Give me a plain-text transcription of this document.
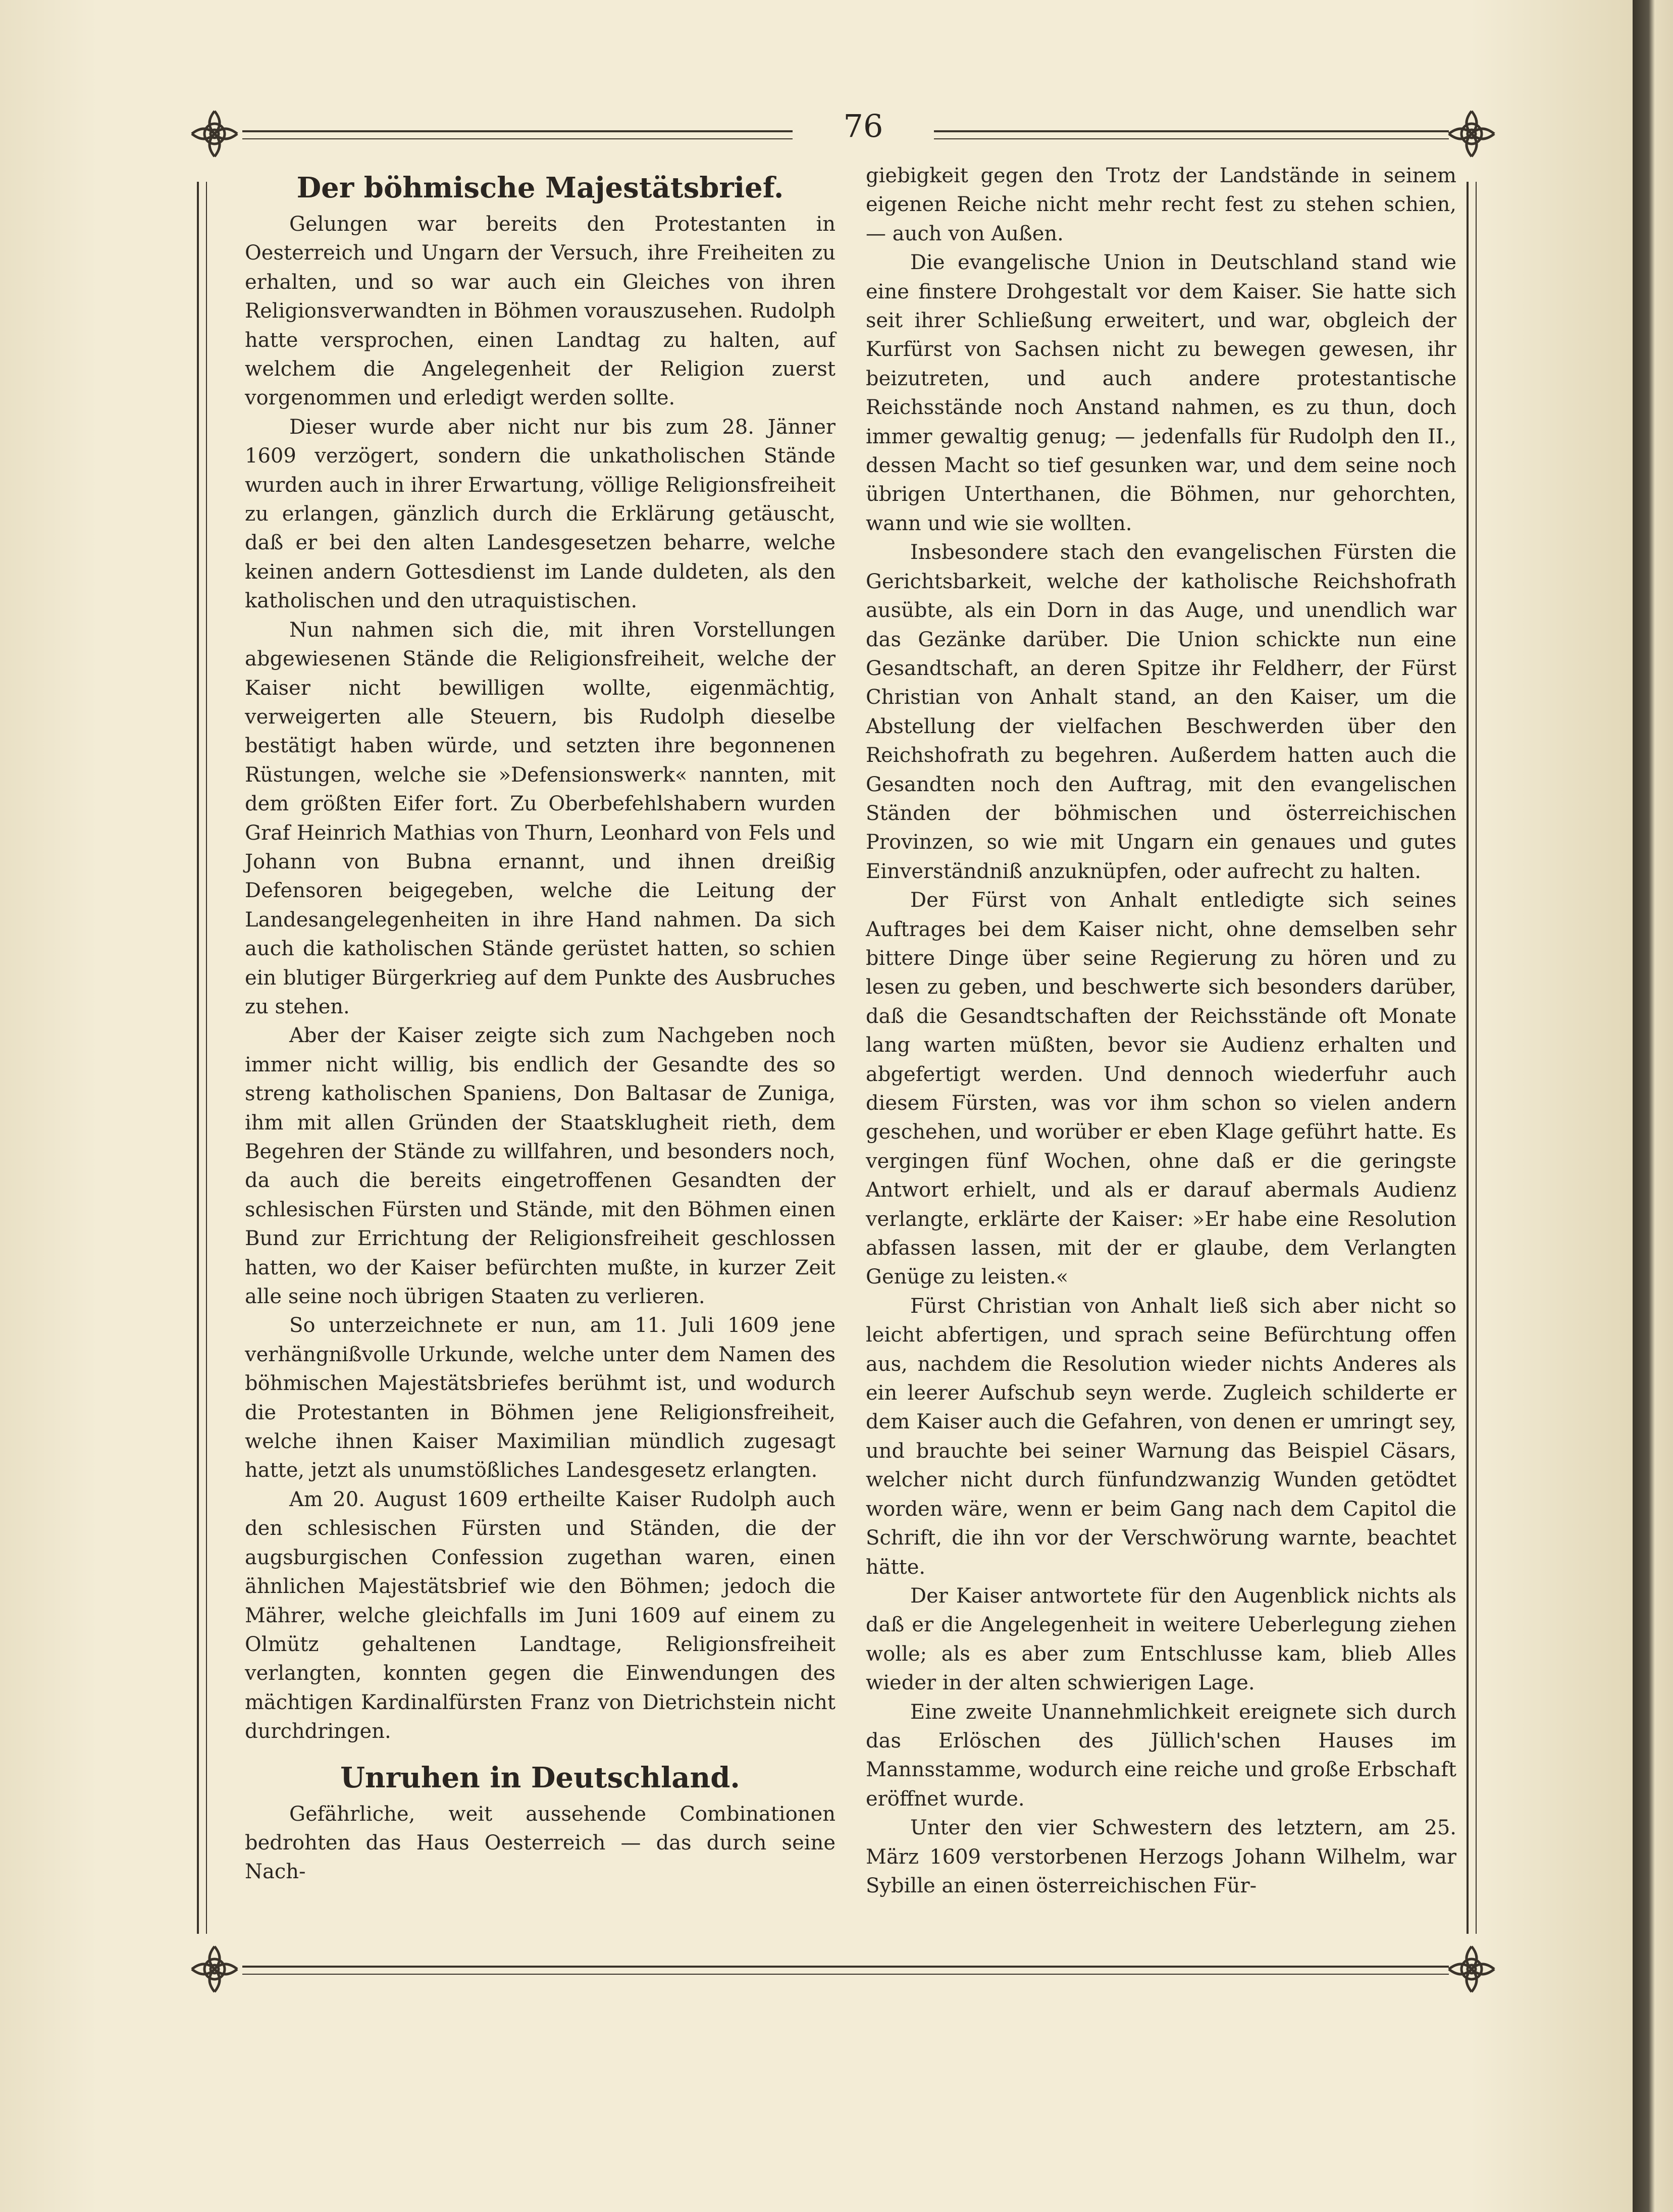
76
Der böhmische Majestätsbrief.

Gelungen war bereits den Protestanten in Oesterreich und Ungarn der Versuch, ihre Freiheiten zu erhalten, und so war auch ein Gleiches von ihren Religionsverwandten in Böhmen vorauszusehen. Rudolph hatte versprochen, einen Landtag zu halten, auf welchem die Angelegenheit der Religion zuerst vorgenommen und erledigt werden sollte.

Dieser wurde aber nicht nur bis zum 28. Jänner 1609 verzögert, sondern die unkatholischen Stände wurden auch in ihrer Erwartung, völlige Religionsfreiheit zu erlangen, gänzlich durch die Erklärung getäuscht, daß er bei den alten Landesgesetzen beharre, welche keinen andern Gottesdienst im Lande duldeten, als den katholischen und den utraquistischen.

Nun nahmen sich die, mit ihren Vorstellungen abgewiesenen Stände die Religionsfreiheit, welche der Kaiser nicht bewilligen wollte, eigenmächtig, verweigerten alle Steuern, bis Rudolph dieselbe bestätigt haben würde, und setzten ihre begonnenen Rüstungen, welche sie »Defensionswerk« nannten, mit dem größten Eifer fort. Zu Oberbefehlshabern wurden Graf Heinrich Mathias von Thurn, Leonhard von Fels und Johann von Bubna ernannt, und ihnen dreißig Defensoren beigegeben, welche die Leitung der Landesangelegenheiten in ihre Hand nahmen. Da sich auch die katholischen Stände gerüstet hatten, so schien ein blutiger Bürgerkrieg auf dem Punkte des Ausbruches zu stehen.

Aber der Kaiser zeigte sich zum Nachgeben noch immer nicht willig, bis endlich der Gesandte des so streng katholischen Spaniens, Don Baltasar de Zuniga, ihm mit allen Gründen der Staatsklugheit rieth, dem Begehren der Stände zu willfahren, und besonders noch, da auch die bereits eingetroffenen Gesandten der schlesischen Fürsten und Stände, mit den Böhmen einen Bund zur Errichtung der Religionsfreiheit geschlossen hatten, wo der Kaiser befürchten mußte, in kurzer Zeit alle seine noch übrigen Staaten zu verlieren.

So unterzeichnete er nun, am 11. Juli 1609 jene verhängnißvolle Urkunde, welche unter dem Namen des böhmischen Majestätsbriefes berühmt ist, und wodurch die Protestanten in Böhmen jene Religionsfreiheit, welche ihnen Kaiser Maximilian mündlich zugesagt hatte, jetzt als unumstößliches Landesgesetz erlangten.

Am 20. August 1609 ertheilte Kaiser Rudolph auch den schlesischen Fürsten und Ständen, die der augsburgischen Confession zugethan waren, einen ähnlichen Majestätsbrief wie den Böhmen; jedoch die Mährer, welche gleichfalls im Juni 1609 auf einem zu Olmütz gehaltenen Landtage, Religionsfreiheit verlangten, konnten gegen die Einwendungen des mächtigen Kardinalfürsten Franz von Dietrichstein nicht durchdringen.

Unruhen in Deutschland.

Gefährliche, weit aussehende Combinationen bedrohten das Haus Oesterreich — das durch seine Nach-

giebigkeit gegen den Trotz der Landstände in seinem eigenen Reiche nicht mehr recht fest zu stehen schien, — auch von Außen.

Die evangelische Union in Deutschland stand wie eine finstere Drohgestalt vor dem Kaiser. Sie hatte sich seit ihrer Schließung erweitert, und war, obgleich der Kurfürst von Sachsen nicht zu bewegen gewesen, ihr beizutreten, und auch andere protestantische Reichsstände noch Anstand nahmen, es zu thun, doch immer gewaltig genug; — jedenfalls für Rudolph den II., dessen Macht so tief gesunken war, und dem seine noch übrigen Unterthanen, die Böhmen, nur gehorchten, wann und wie sie wollten.

Insbesondere stach den evangelischen Fürsten die Gerichtsbarkeit, welche der katholische Reichshofrath ausübte, als ein Dorn in das Auge, und unendlich war das Gezänke darüber. Die Union schickte nun eine Gesandtschaft, an deren Spitze ihr Feldherr, der Fürst Christian von Anhalt stand, an den Kaiser, um die Abstellung der vielfachen Beschwerden über den Reichshofrath zu begehren. Außerdem hatten auch die Gesandten noch den Auftrag, mit den evangelischen Ständen der böhmischen und österreichischen Provinzen, so wie mit Ungarn ein genaues und gutes Einverständniß anzuknüpfen, oder aufrecht zu halten.

Der Fürst von Anhalt entledigte sich seines Auftrages bei dem Kaiser nicht, ohne demselben sehr bittere Dinge über seine Regierung zu hören und zu lesen zu geben, und beschwerte sich besonders darüber, daß die Gesandtschaften der Reichsstände oft Monate lang warten müßten, bevor sie Audienz erhalten und abgefertigt werden. Und dennoch wiederfuhr auch diesem Fürsten, was vor ihm schon so vielen andern geschehen, und worüber er eben Klage geführt hatte. Es vergingen fünf Wochen, ohne daß er die geringste Antwort erhielt, und als er darauf abermals Audienz verlangte, erklärte der Kaiser: »Er habe eine Resolution abfassen lassen, mit der er glaube, dem Verlangten Genüge zu leisten.«

Fürst Christian von Anhalt ließ sich aber nicht so leicht abfertigen, und sprach seine Befürchtung offen aus, nachdem die Resolution wieder nichts Anderes als ein leerer Aufschub seyn werde. Zugleich schilderte er dem Kaiser auch die Gefahren, von denen er umringt sey, und brauchte bei seiner Warnung das Beispiel Cäsars, welcher nicht durch fünfundzwanzig Wunden getödtet worden wäre, wenn er beim Gang nach dem Capitol die Schrift, die ihn vor der Verschwörung warnte, beachtet hätte.

Der Kaiser antwortete für den Augenblick nichts als daß er die Angelegenheit in weitere Ueberlegung ziehen wolle; als es aber zum Entschlusse kam, blieb Alles wieder in der alten schwierigen Lage.

Eine zweite Unannehmlichkeit ereignete sich durch das Erlöschen des Jüllich'schen Hauses im Mannsstamme, wodurch eine reiche und große Erbschaft eröffnet wurde.

Unter den vier Schwestern des letztern, am 25. März 1609 verstorbenen Herzogs Johann Wilhelm, war Sybille an einen österreichischen Für-
